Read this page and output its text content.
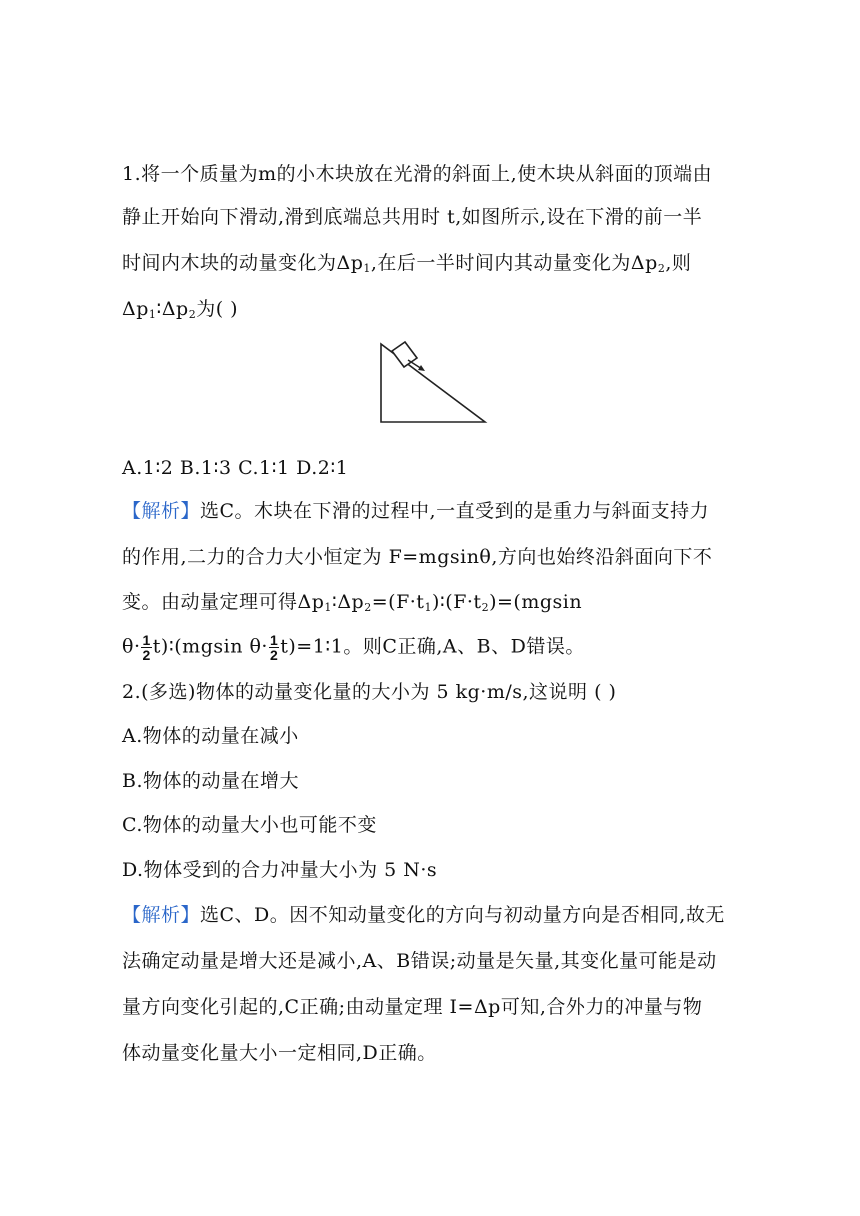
1.将一个质量为m的小木块放在光滑的斜面上,使木块从斜面的顶端由
静止开始向下滑动,滑到底端总共用时 t,如图所示,设在下滑的前一半
时间内木块的动量变化为$\Delta p_1$,在后一半时间内其动量变化为$\Delta p_2$,则
$\Delta p_1∶\Delta p_2$为( )
A.1∶2 B.1∶3 C.1∶1 D.2∶1
【解析】选C。木块在下滑的过程中,一直受到的是重力与斜面支持力
的作用,二力的合力大小恒定为 F=mgsinθ,方向也始终沿斜面向下不
变。由动量定理可得$\Delta p_1∶\Delta p_2=(F\cdot t_1)∶(F\cdot t_2)=(mgsin$
$\theta\cdot \frac{1}{2}$ t)∶(mgsin $\theta\cdot \frac{1}{2}$ t)=1∶1。则C正确,A、B、D错误。
2.(多选)物体的动量变化量的大小为 5 kg·m/s,这说明 ( )
A.物体的动量在减小
B.物体的动量在增大
C.物体的动量大小也可能不变
D.物体受到的合力冲量大小为 5 N·s
【解析】选C、D。因不知动量变化的方向与初动量方向是否相同,故无
法确定动量是增大还是减小,A、B错误;动量是矢量,其变化量可能是动
量方向变化引起的,C正确;由动量定理 I=Δp可知,合外力的冲量与物
体动量变化量大小一定相同,D正确。
